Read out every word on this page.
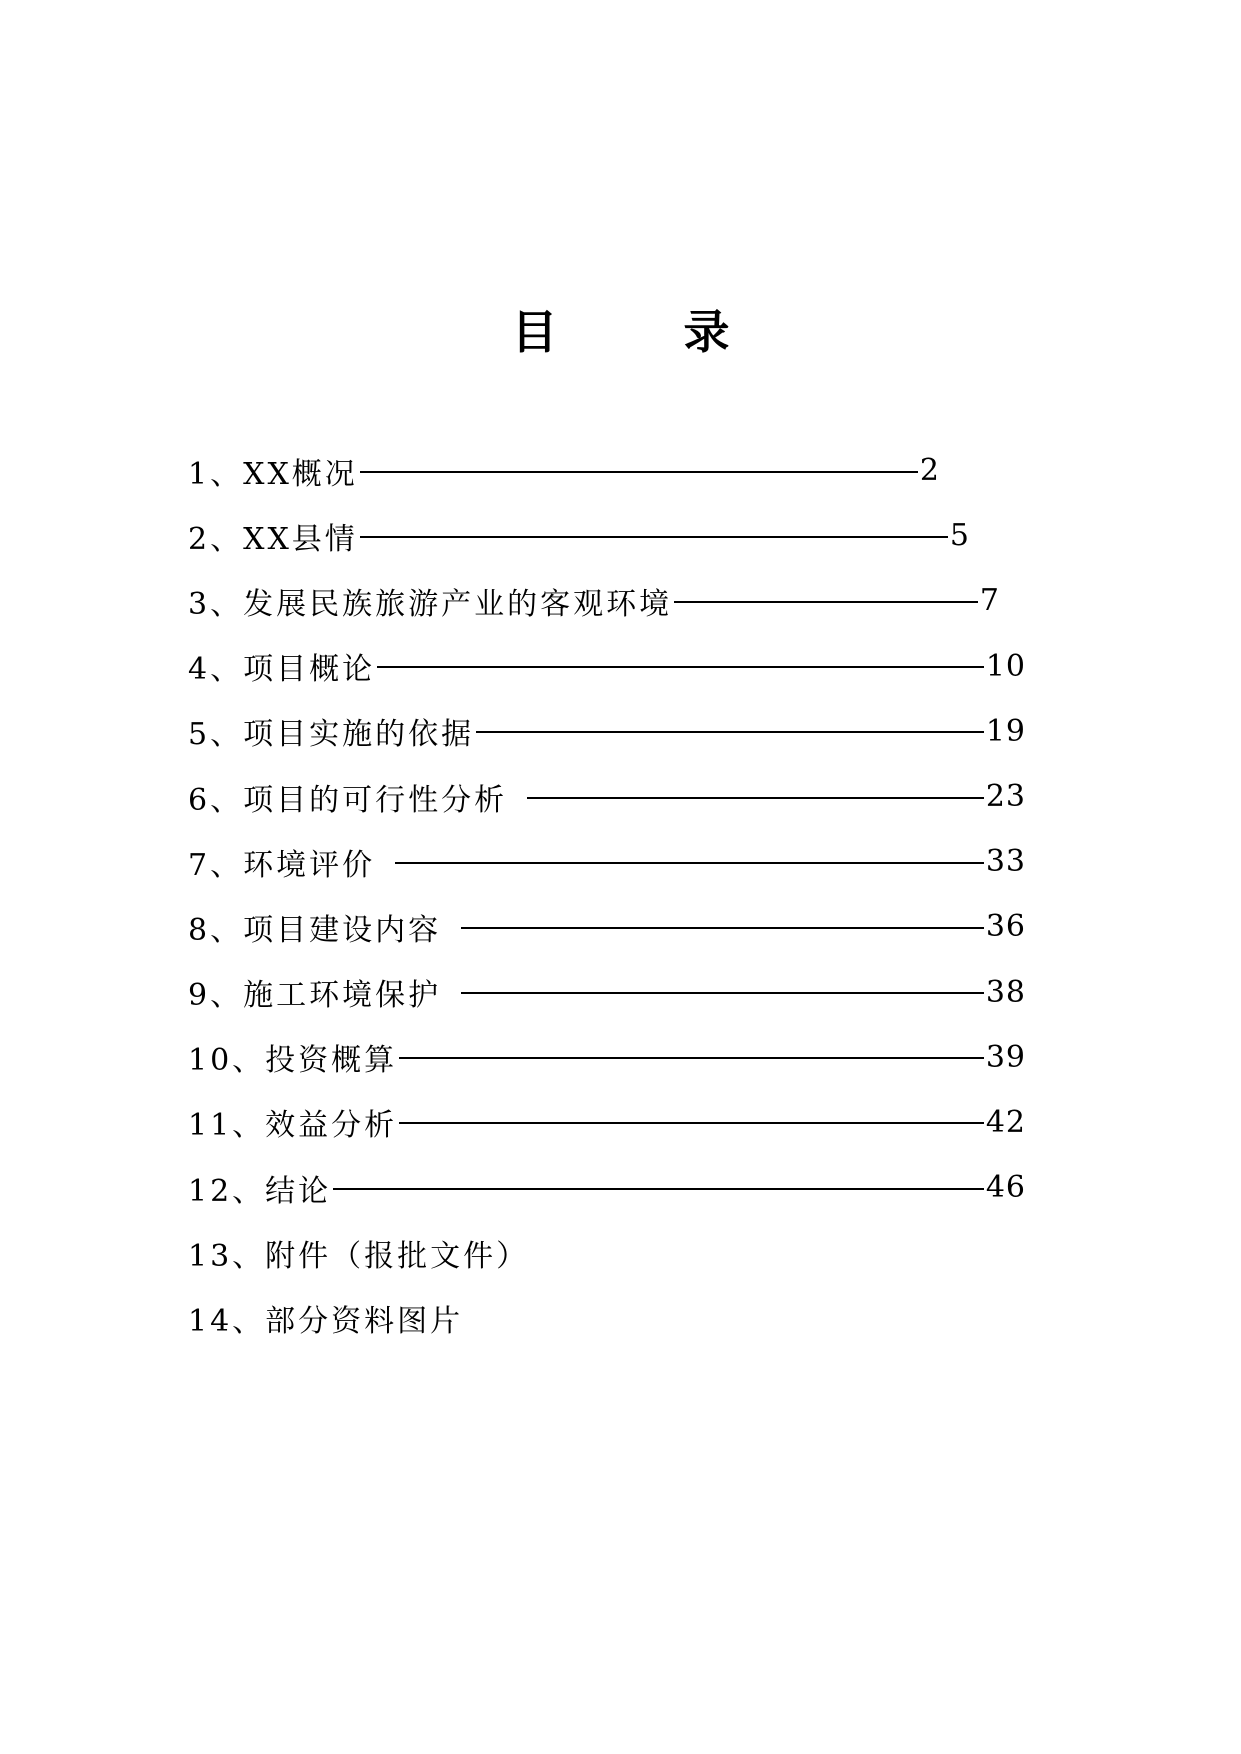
目　录
1、XX概况	2
2、XX县情	5
3、发展民族旅游产业的客观环境	7
4、项目概论	10
5、项目实施的依据	19
6、项目的可行性分析	23
7、环境评价	33
8、项目建设内容	36
9、施工环境保护	38
10、投资概算	39
11、效益分析	42
12、结论	46
13、附件（报批文件）
14、部分资料图片
